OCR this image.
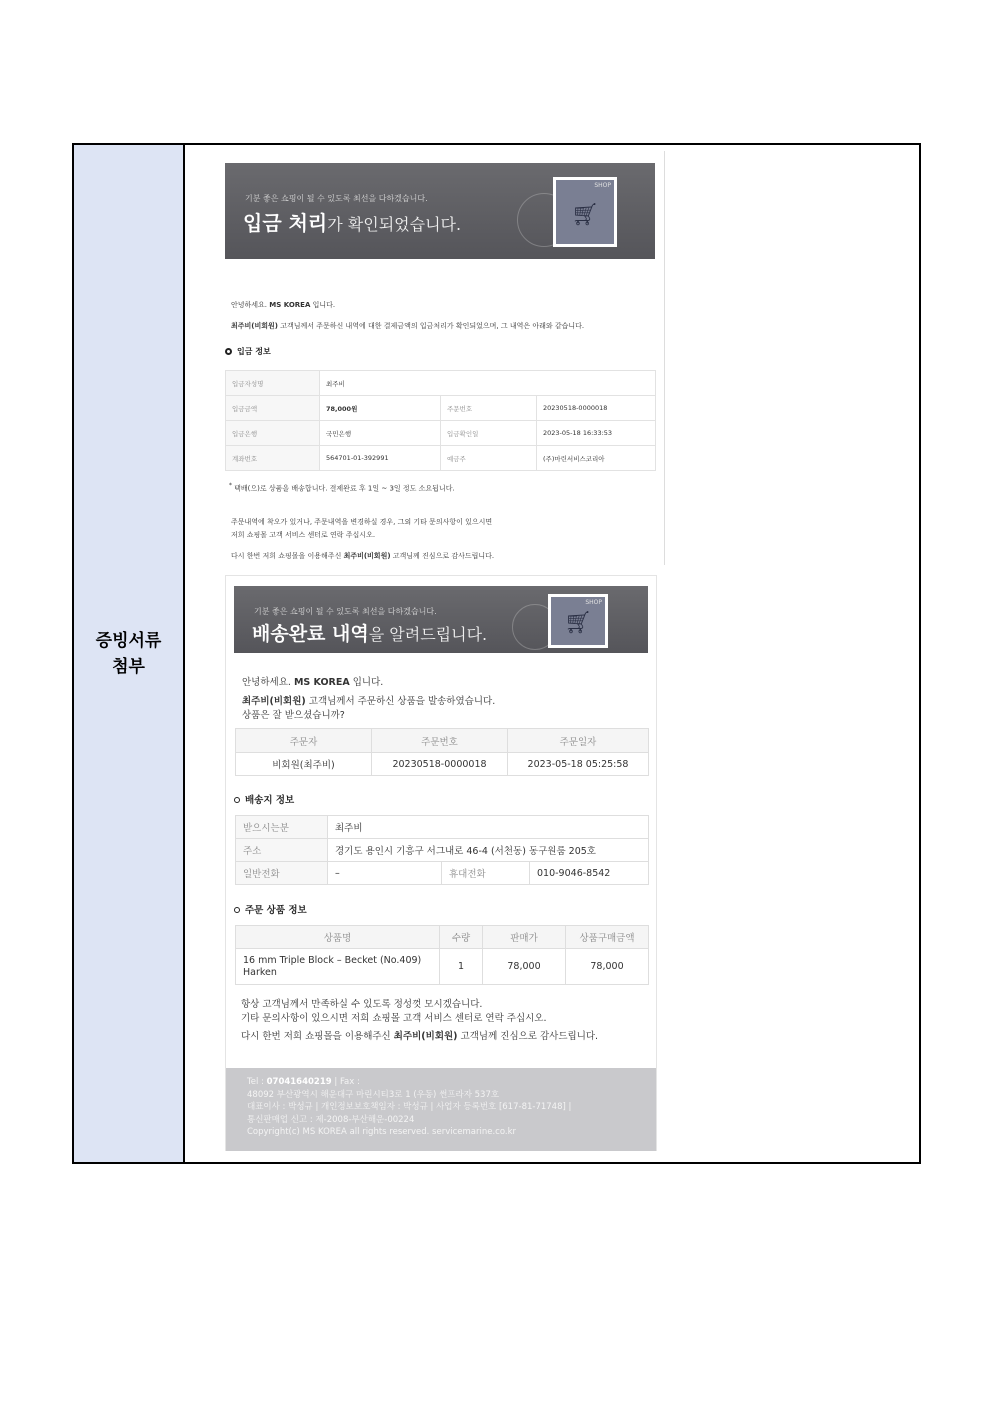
증빙서류
첨부
기분 좋은 쇼핑이 될 수 있도록 최선을 다하겠습니다.
입금 처리가 확인되었습니다.
SHOP
🛒︎
안녕하세요. MS KOREA 입니다.
최주비(비회원) 고객님께서 주문하신 내역에 대한 결제금액의 입금처리가 확인되었으며, 그 내역은 아래와 같습니다.
입금 정보
입금자성명	최주비		
입금금액	78,000원	주문번호	20230518-0000018
입금은행	국민은행	입금확인일	2023-05-18 16:33:53
계좌번호	564701-01-392991	예금주	(주)마린서비스코리아
* 택배(으)로 상품을 배송합니다. 결제완료 후 1일 ~ 3일 정도 소요됩니다.
주문내역에 착오가 있거나, 주문내역을 변경하실 경우, 그외 기타 문의사항이 있으시면
저희 쇼핑몰 고객 서비스 센터로 연락 주십시오.
다시 한번 저희 쇼핑몰을 이용해주신 최주비(비회원) 고객님께 진심으로 감사드립니다.
기분 좋은 쇼핑이 될 수 있도록 최선을 다하겠습니다.
배송완료 내역을 알려드립니다.
SHOP
🛒︎
안녕하세요. MS KOREA 입니다.
최주비(비회원) 고객님께서 주문하신 상품을 발송하였습니다.
상품은 잘 받으셨습니까?
주문자	주문번호	주문일자
비회원(최주비)	20230518-0000018	2023-05-18 05:25:58
배송지 정보
받으시는분	최주비		
주소	경기도 용인시 기흥구 서그내로 46-4 (서천동) 동구원룸 205호		
일반전화	–	휴대전화	010-9046-8542
주문 상품 정보
상품명	수량	판매가	상품구매금액
16 mm Triple Block – Becket (No.409)
Harken	1	78,000	78,000
항상 고객님께서 만족하실 수 있도록 정성껏 모시겠습니다.
기타 문의사항이 있으시면 저희 쇼핑몰 고객 서비스 센터로 연락 주십시오.
다시 한번 저희 쇼핑몰을 이용해주신 최주비(비회원) 고객님께 진심으로 감사드립니다.
Tel : 07041640219 | Fax :
48092 부산광역시 해운대구 마린시티3로 1 (우동) 썬프라자 537호
대표이사 : 박성규 | 개인정보보호책임자 : 박성규 | 사업자 등록번호 [617-81-71748] |
통신판매업 신고 : 제-2008-부산해운-00224
Copyright(c) MS KOREA all rights reserved. servicemarine.co.kr
